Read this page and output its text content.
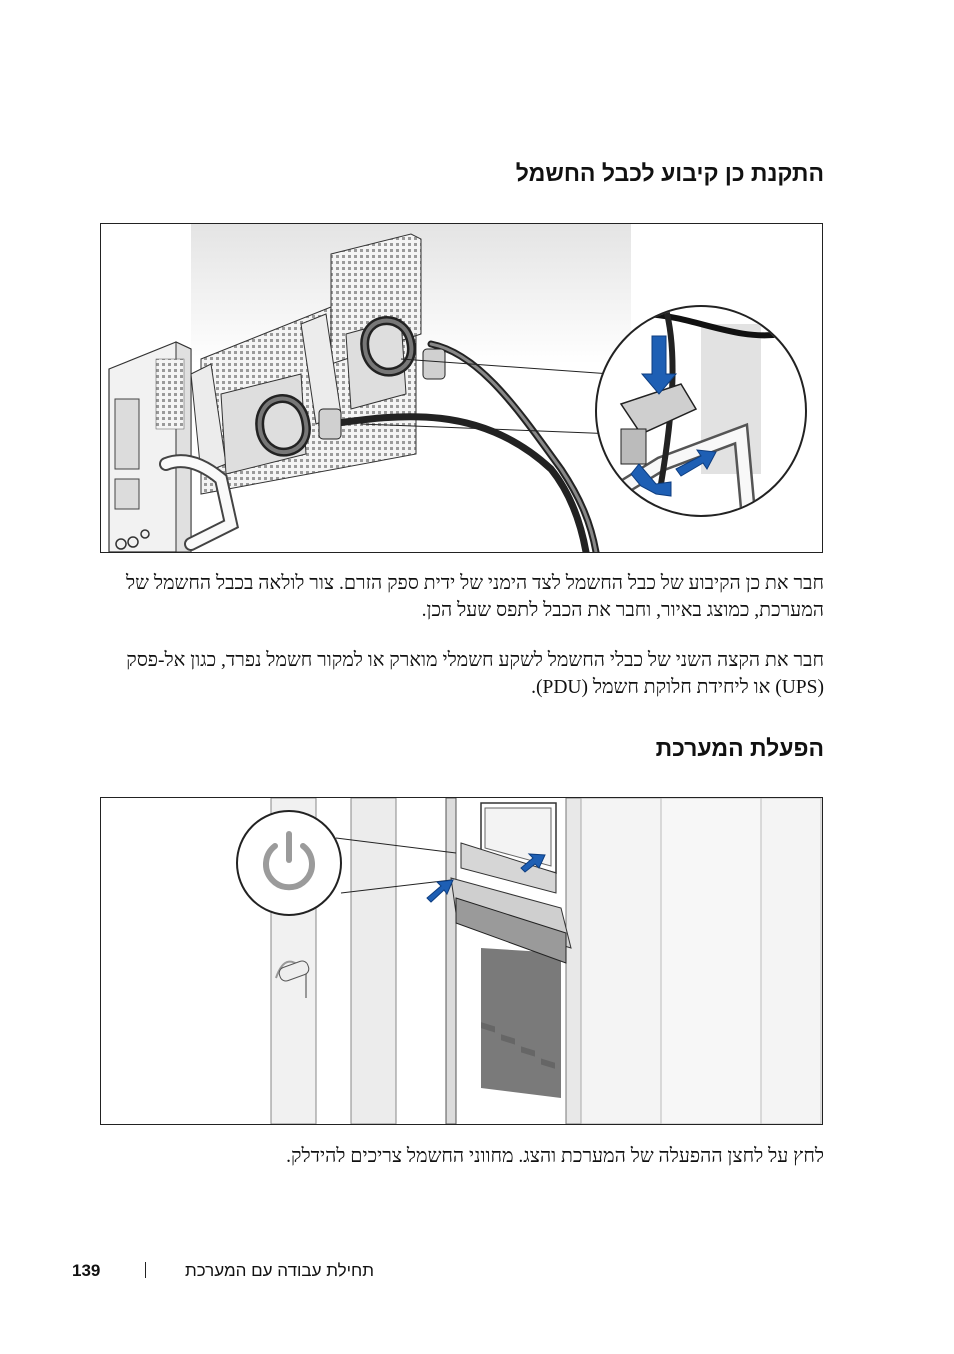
התקנת כן קיבוע לכבל החשמל

חבר את כן הקיבוע של כבל החשמל לצד הימני של ידית ספק הזרם. צור לולאה בכבל החשמל של המערכת, כמוצג באיור, וחבר את הכבל לתפס שעל הכן.

חבר את הקצה השני של כבלי החשמל לשקע חשמלי מוארק או למקור חשמל נפרד, כגון אל-פסק (UPS) או ליחידת חלוקת חשמל (PDU).

הפעלת המערכת

לחץ על לחצן ההפעלה של המערכת והצג. מחווני החשמל צריכים להידלק.

139	תחילת עבודה עם המערכת
